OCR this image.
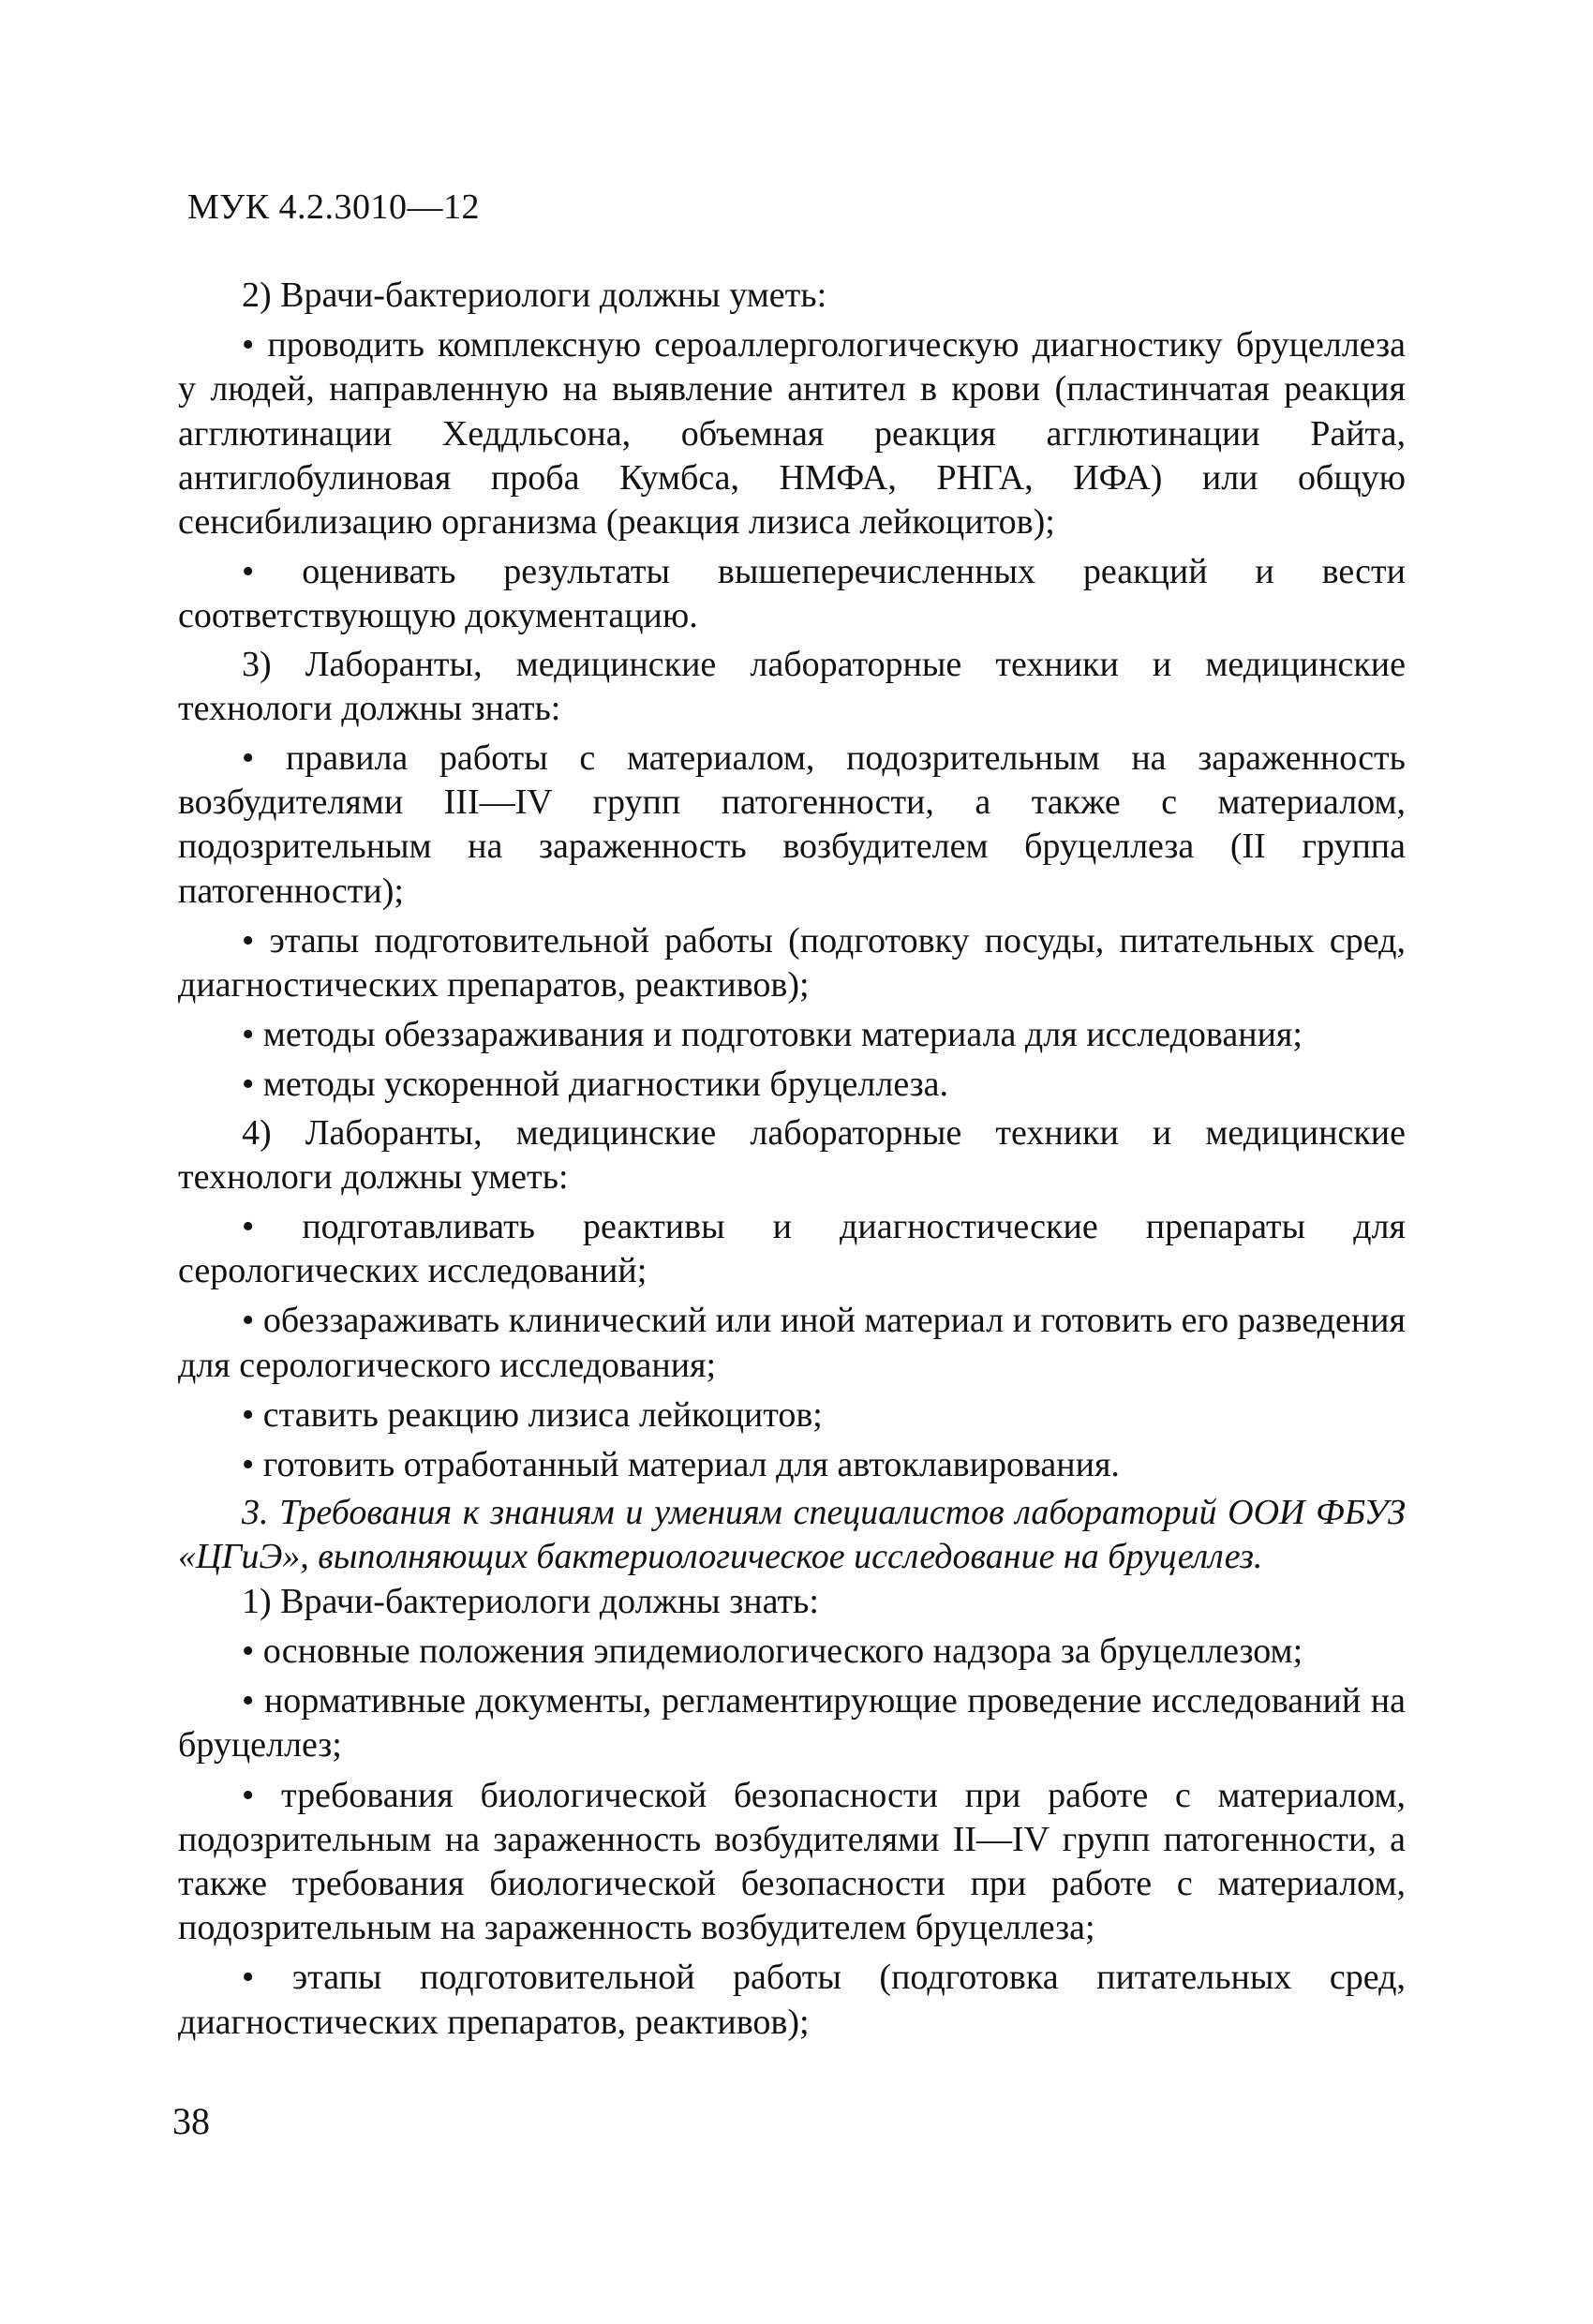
МУК 4.2.3010—12

2) Врачи-бактериологи должны уметь:

• проводить комплексную сероаллергологическую диагностику бруцеллеза у людей, направленную на выявление антител в крови (пластинчатая реакция агглютинации Хеддльсона, объемная реакция агглютинации Райта, антиглобулиновая проба Кумбса, НМФА, РНГА, ИФА) или общую сенсибилизацию организма (реакция лизиса лейкоцитов);

• оценивать результаты вышеперечисленных реакций и вести соответствующую документацию.

3) Лаборанты, медицинские лабораторные техники и медицинские технологи должны знать:

• правила работы с материалом, подозрительным на зараженность возбудителями III—IV групп патогенности, а также с материалом, подозрительным на зараженность возбудителем бруцеллеза (II группа патогенности);

• этапы подготовительной работы (подготовку посуды, питательных сред, диагностических препаратов, реактивов);

• методы обеззараживания и подготовки материала для исследования;

• методы ускоренной диагностики бруцеллеза.

4) Лаборанты, медицинские лабораторные техники и медицинские технологи должны уметь:

• подготавливать реактивы и диагностические препараты для серологических исследований;

• обеззараживать клинический или иной материал и готовить его разведения для серологического исследования;

• ставить реакцию лизиса лейкоцитов;

• готовить отработанный материал для автоклавирования.

3. Требования к знаниям и умениям специалистов лабораторий ООИ ФБУЗ «ЦГиЭ», выполняющих бактериологическое исследование на бруцеллез.

1) Врачи-бактериологи должны знать:

• основные положения эпидемиологического надзора за бруцеллезом;

• нормативные документы, регламентирующие проведение исследований на бруцеллез;

• требования биологической безопасности при работе с материалом, подозрительным на зараженность возбудителями II—IV групп патогенности, а также требования биологической безопасности при работе с материалом, подозрительным на зараженность возбудителем бруцеллеза;

• этапы подготовительной работы (подготовка питательных сред, диагностических препаратов, реактивов);

38
